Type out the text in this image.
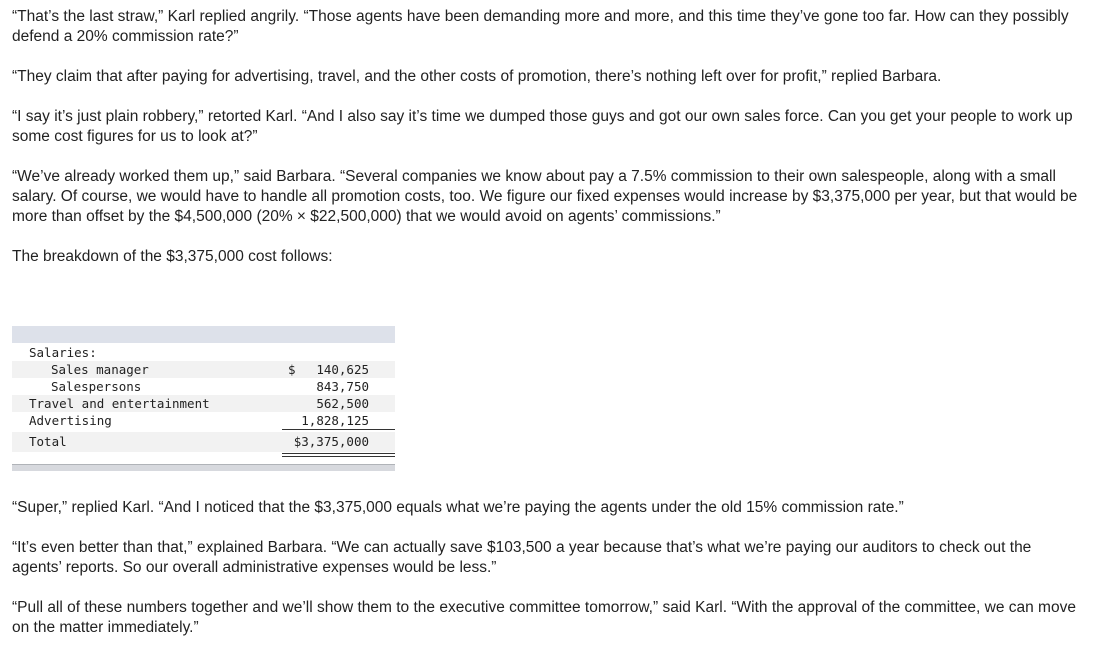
“That’s the last straw,” Karl replied angrily. “Those agents have been demanding more and more, and this time they’ve gone too far. How can they possibly defend a 20% commission rate?”

“They claim that after paying for advertising, travel, and the other costs of promotion, there’s nothing left over for profit,” replied Barbara.

“I say it’s just plain robbery,” retorted Karl. “And I also say it’s time we dumped those guys and got our own sales force. Can you get your people to work up some cost figures for us to look at?”

“We’ve already worked them up,” said Barbara. “Several companies we know about pay a 7.5% commission to their own salespeople, along with a small salary. Of course, we would have to handle all promotion costs, too. We figure our fixed expenses would increase by $3,375,000 per year, but that would be more than offset by the $4,500,000 (20% × $22,500,000) that we would avoid on agents’ commissions.”

The breakdown of the $3,375,000 cost follows:

Salaries:
Sales manager	$ 140,625
Salespersons	843,750
Travel and entertainment	562,500
Advertising	1,828,125
Total	$3,375,000

“Super,” replied Karl. “And I noticed that the $3,375,000 equals what we’re paying the agents under the old 15% commission rate.”

“It’s even better than that,” explained Barbara. “We can actually save $103,500 a year because that’s what we’re paying our auditors to check out the agents’ reports. So our overall administrative expenses would be less.”

“Pull all of these numbers together and we’ll show them to the executive committee tomorrow,” said Karl. “With the approval of the committee, we can move on the matter immediately.”
